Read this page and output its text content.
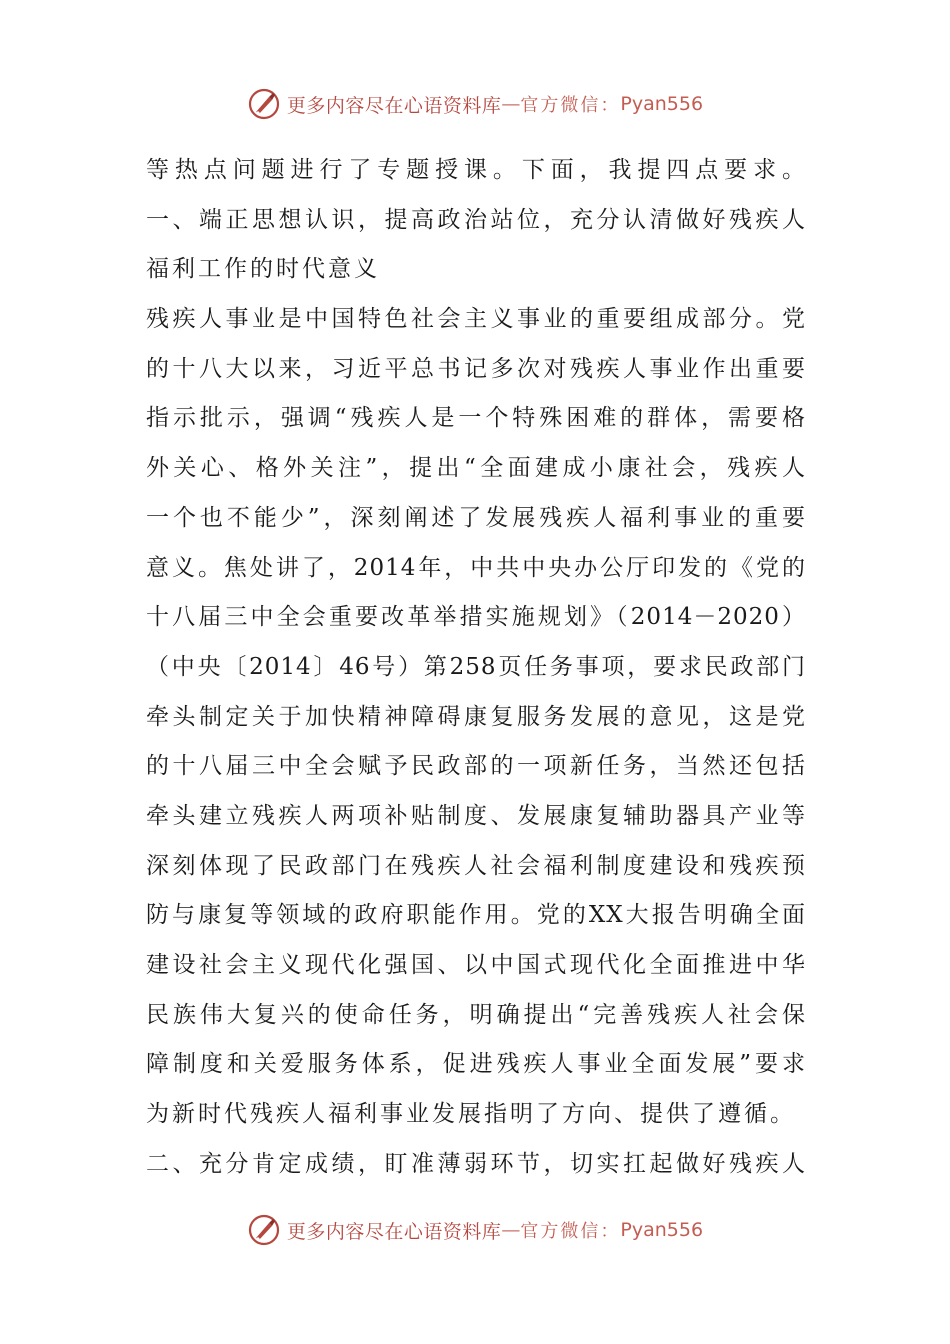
更多内容尽在心语资料库 — 官方微信： Pyan556
等热点问题进行了专题授课。下面，我提四点要求。
一、端正思想认识，提高政治站位，充分认清做好残疾人
福利工作的时代意义
残疾人事业是中国特色社会主义事业的重要组成部分。党
的十八大以来，习近平总书记多次对残疾人事业作出重要
指示批示，强调“残疾人是一个特殊困难的群体，需要格
外关心、格外关注”，提出“全面建成小康社会，残疾人
一个也不能少”，深刻阐述了发展残疾人福利事业的重要
意义。焦处讲了，2014年，中共中央办公厅印发的《党的
十八届三中全会重要改革举措实施规划》（2014－2020）
（中央〔2014〕46号）第258页任务事项，要求民政部门
牵头制定关于加快精神障碍康复服务发展的意见，这是党
的十八届三中全会赋予民政部的一项新任务，当然还包括
牵头建立残疾人两项补贴制度、发展康复辅助器具产业等
深刻体现了民政部门在残疾人社会福利制度建设和残疾预
防与康复等领域的政府职能作用。党的XX大报告明确全面
建设社会主义现代化强国、以中国式现代化全面推进中华
民族伟大复兴的使命任务，明确提出“完善残疾人社会保
障制度和关爱服务体系，促进残疾人事业全面发展”要求
为新时代残疾人福利事业发展指明了方向、提供了遵循。
二、充分肯定成绩，盯准薄弱环节，切实扛起做好残疾人
更多内容尽在心语资料库 — 官方微信： Pyan556
